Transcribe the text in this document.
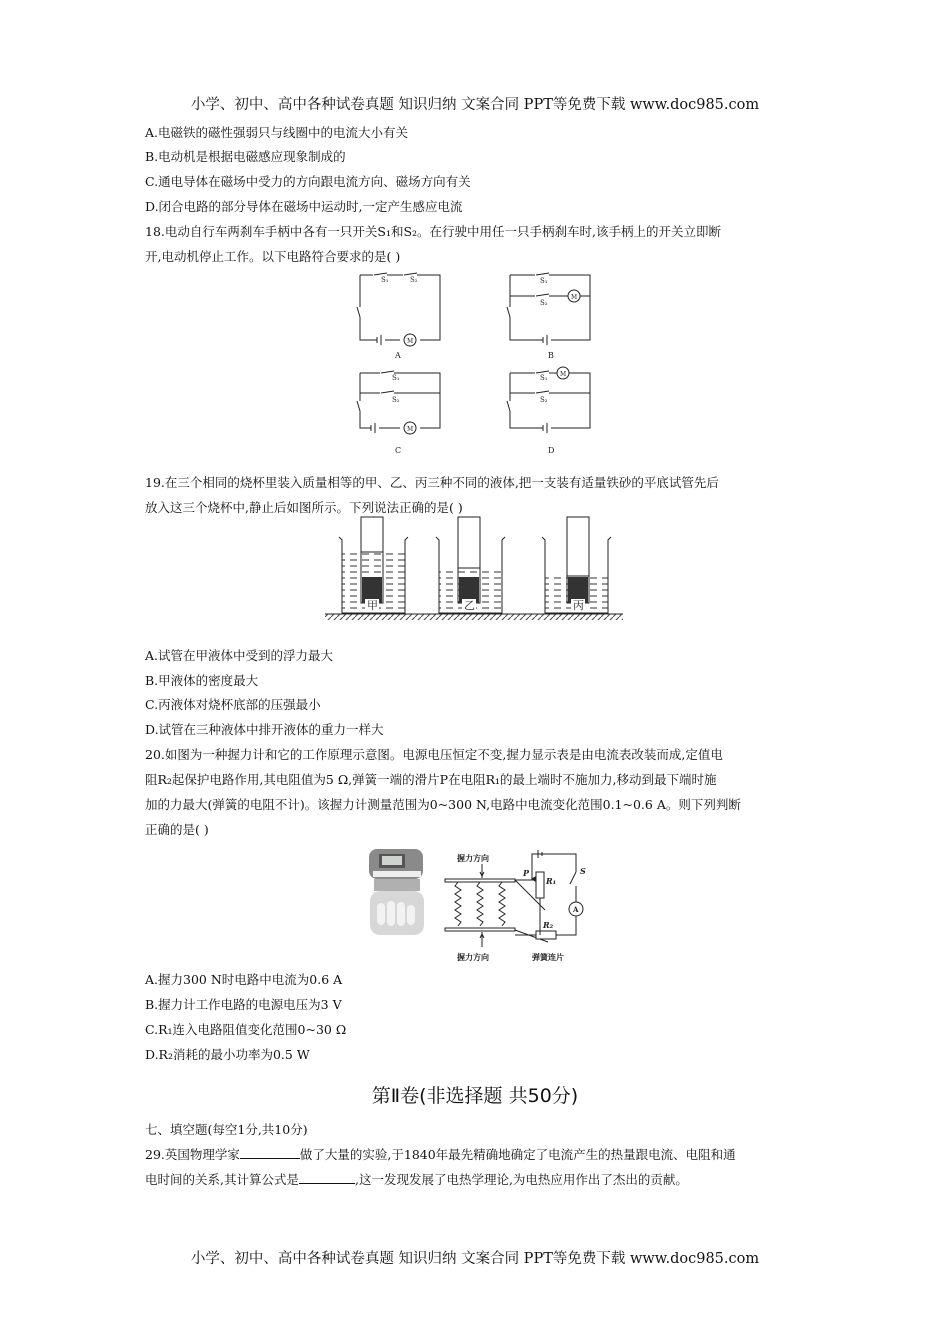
小学、初中、高中各种试卷真题 知识归纳 文案合同 PPT等免费下载 www.doc985.com
A.电磁铁的磁性强弱只与线圈中的电流大小有关
B.电动机是根据电磁感应现象制成的
C.通电导体在磁场中受力的方向跟电流方向、磁场方向有关
D.闭合电路的部分导体在磁场中运动时,一定产生感应电流
18.电动自行车两刹车手柄中各有一只开关S₁和S₂。在行驶中用任一只手柄刹车时,该手柄上的开关立即断
开,电动机停止工作。以下电路符合要求的是( )
S₁	S₂
M
A
S₁
S₂
M
B
S₁
S₂
M
C
S₁
S₂
M
D
19.在三个相同的烧杯里装入质量相等的甲、乙、丙三种不同的液体,把一支装有适量铁砂的平底试管先后
放入这三个烧杯中,静止后如图所示。下列说法正确的是( )
甲	乙	丙
A.试管在甲液体中受到的浮力最大
B.甲液体的密度最大
C.丙液体对烧杯底部的压强最小
D.试管在三种液体中排开液体的重力一样大
20.如图为一种握力计和它的工作原理示意图。电源电压恒定不变,握力显示表是由电流表改装而成,定值电
阻R₂起保护电路作用,其电阻值为5 Ω,弹簧一端的滑片P在电阻R₁的最上端时不施加力,移动到最下端时施
加的力最大(弹簧的电阻不计)。该握力计测量范围为0~300 N,电路中电流变化范围0.1~0.6 A。则下列判断
正确的是( )
握力方向
握力方向	弹簧连片
P
R₁
R₂
S
A
A.握力300 N时电路中电流为0.6 A
B.握力计工作电路的电源电压为3 V
C.R₁连入电路阻值变化范围0~30 Ω
D.R₂消耗的最小功率为0.5 W
第Ⅱ卷(非选择题 共50分)
七、填空题(每空1分,共10分)
29.英国物理学家	做了大量的实验,于1840年最先精确地确定了电流产生的热量跟电流、电阻和通
电时间的关系,其计算公式是	,这一发现发展了电热学理论,为电热应用作出了杰出的贡献。
小学、初中、高中各种试卷真题 知识归纳 文案合同 PPT等免费下载 www.doc985.com
